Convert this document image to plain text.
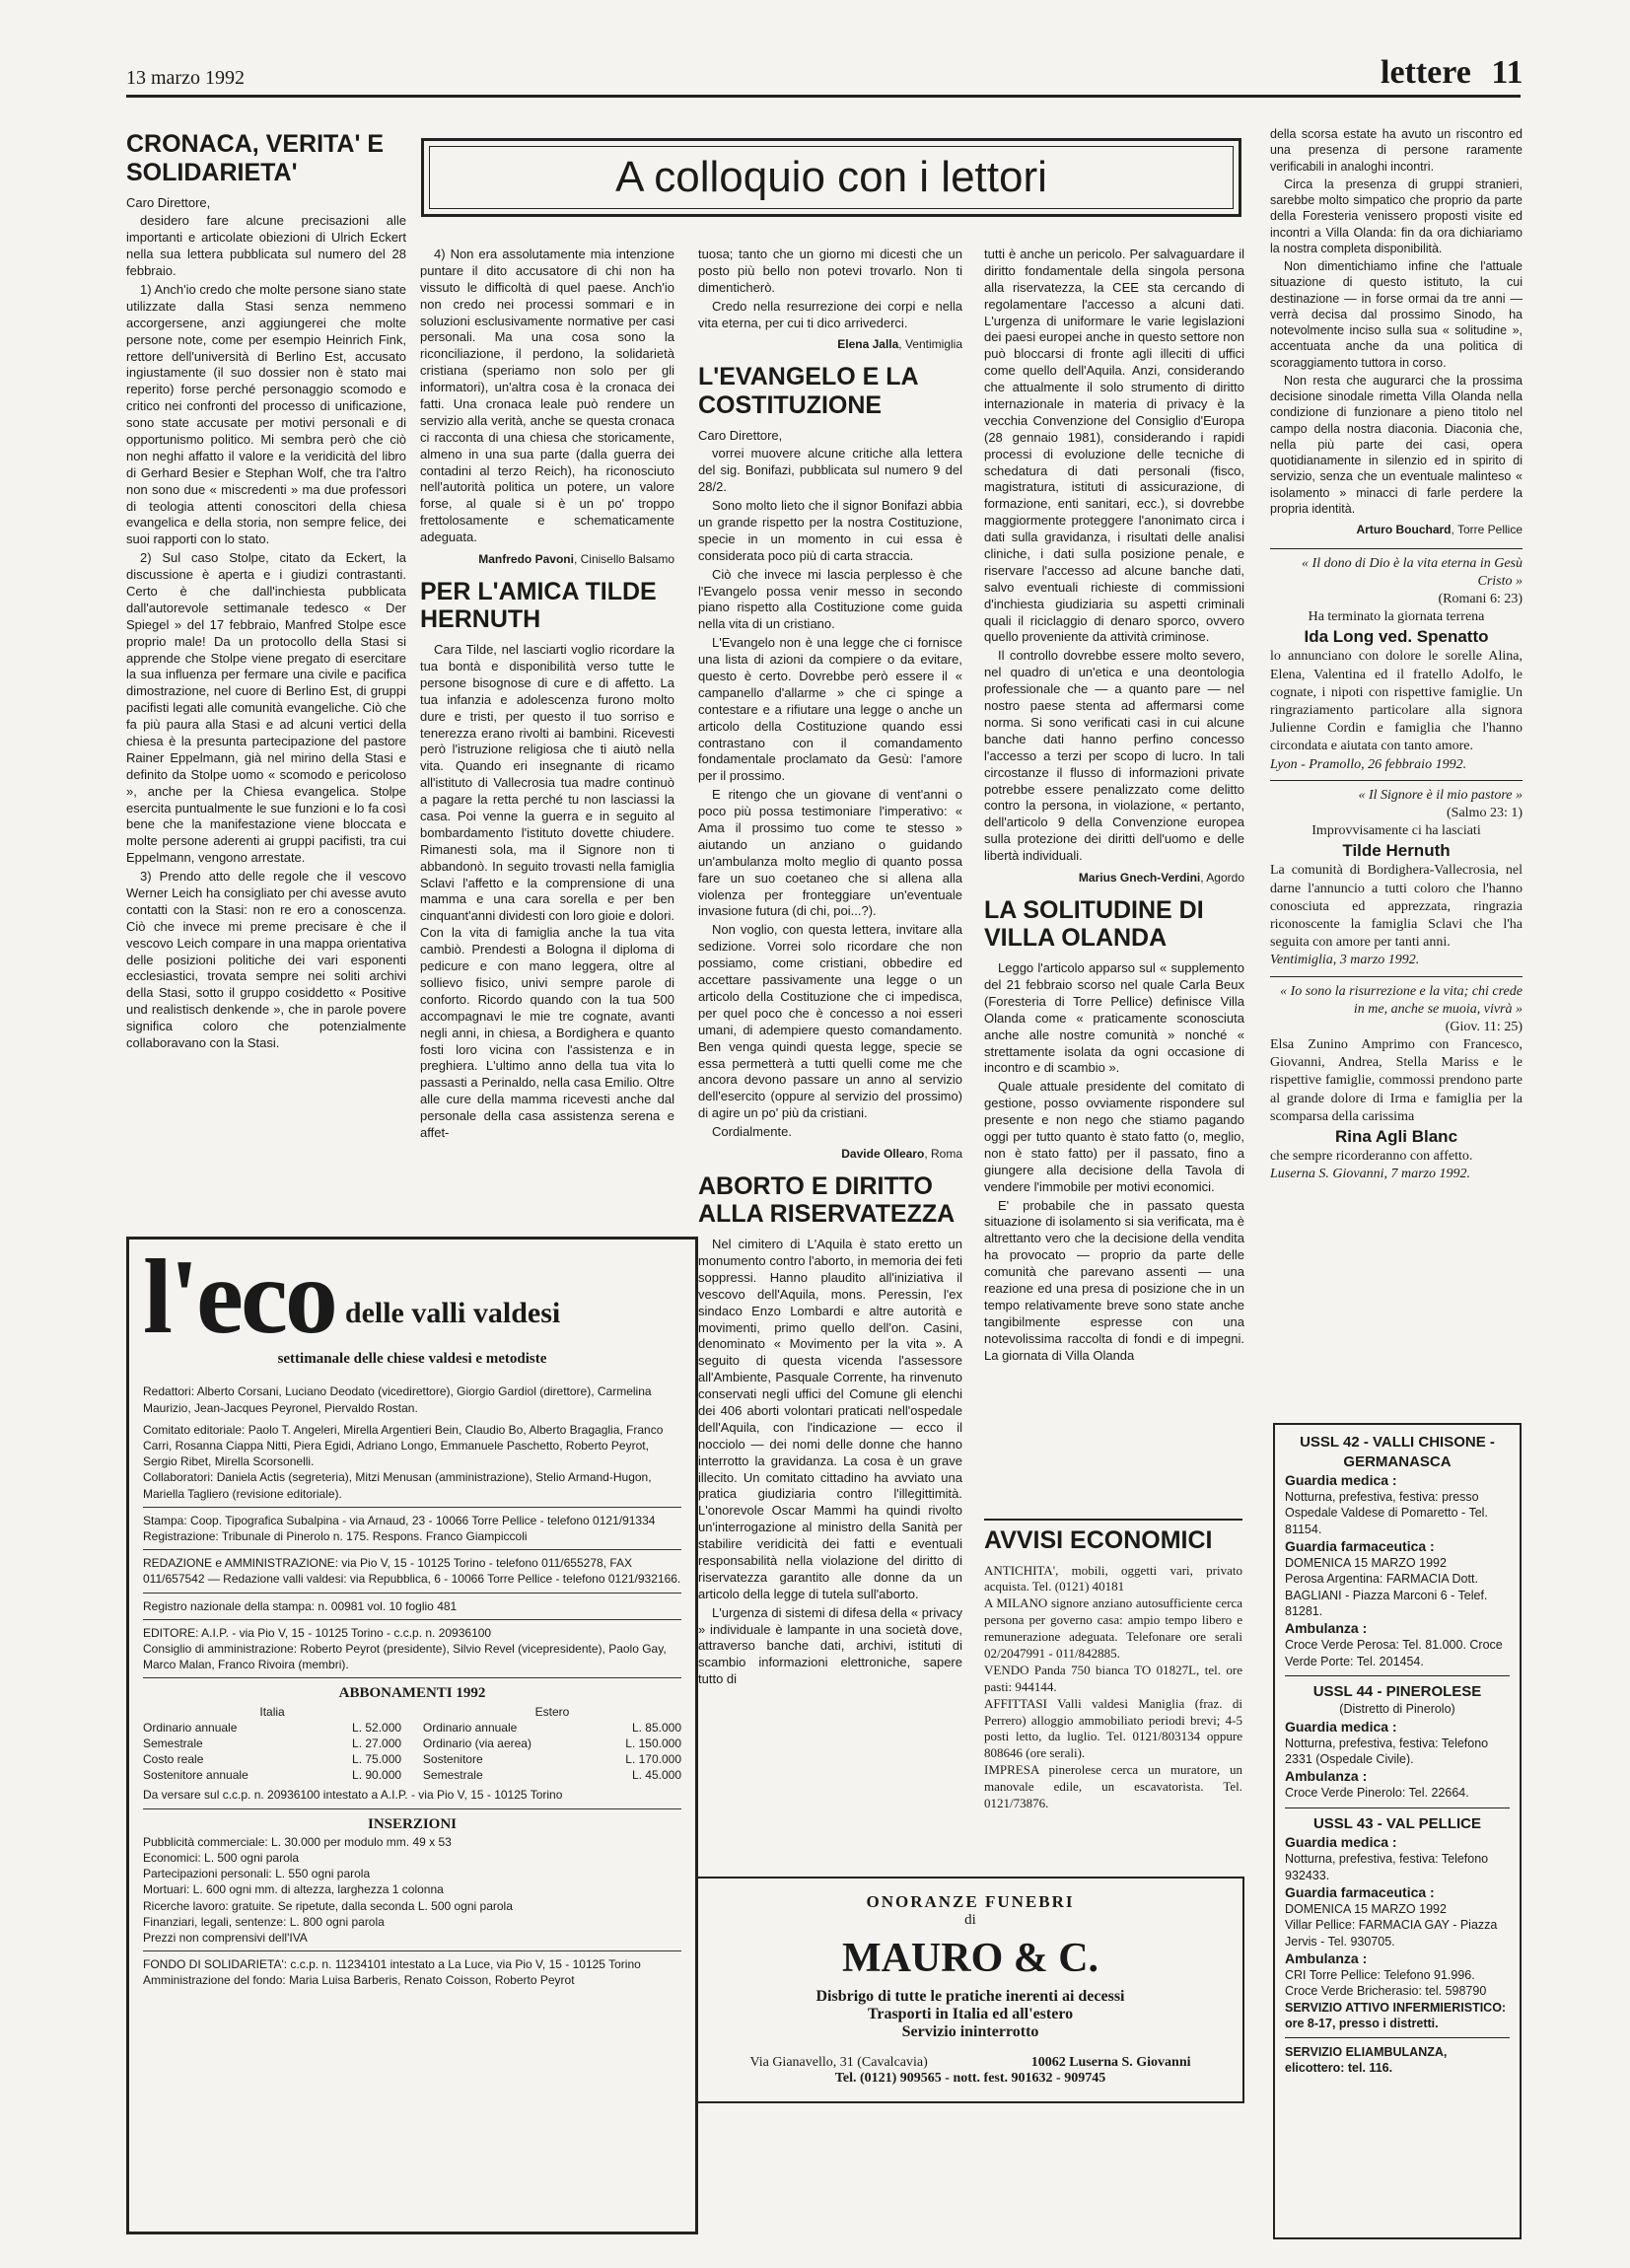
13 marzo 1992	lettere 11
A colloquio con i lettori
CRONACA, VERITA' E SOLIDARIETA'

Caro Direttore,

desidero fare alcune precisazioni alle importanti e articolate obiezioni di Ulrich Eckert nella sua lettera pubblicata sul numero del 28 febbraio.

1) Anch'io credo che molte persone siano state utilizzate dalla Stasi senza nemmeno accorgersene, anzi aggiungerei che molte persone note, come per esempio Heinrich Fink, rettore dell'università di Berlino Est, accusato ingiustamente (il suo dossier non è stato mai reperito) forse perché personaggio scomodo e critico nei confronti del processo di unificazione, sono state accusate per motivi personali e di opportunismo politico. Mi sembra però che ciò non neghi affatto il valore e la veridicità del libro di Gerhard Besier e Stephan Wolf, che tra l'altro non sono due « miscredenti » ma due professori di teologia attenti conoscitori della chiesa evangelica e della storia, non sempre felice, dei suoi rapporti con lo stato.

2) Sul caso Stolpe, citato da Eckert, la discussione è aperta e i giudizi contrastanti. Certo è che dall'inchiesta pubblicata dall'autorevole settimanale tedesco « Der Spiegel » del 17 febbraio, Manfred Stolpe esce proprio male! Da un protocollo della Stasi si apprende che Stolpe viene pregato di esercitare la sua influenza per fermare una civile e pacifica dimostrazione, nel cuore di Berlino Est, di gruppi pacifisti legati alle comunità evangeliche. Ciò che fa più paura alla Stasi e ad alcuni vertici della chiesa è la presunta partecipazione del pastore Rainer Eppelmann, già nel mirino della Stasi e definito da Stolpe uomo « scomodo e pericoloso », anche per la Chiesa evangelica. Stolpe esercita puntualmente le sue funzioni e lo fa così bene che la manifestazione viene bloccata e molte persone aderenti ai gruppi pacifisti, tra cui Eppelmann, vengono arrestate.

3) Prendo atto delle regole che il vescovo Werner Leich ha consigliato per chi avesse avuto contatti con la Stasi: non re ero a conoscenza. Ciò che invece mi preme precisare è che il vescovo Leich compare in una mappa orientativa delle posizioni politiche dei vari esponenti ecclesiastici, trovata sempre nei soliti archivi della Stasi, sotto il gruppo cosiddetto « Positive und realistisch denkende », che in parole povere significa coloro che potenzialmente collaboravano con la Stasi.

4) Non era assolutamente mia intenzione puntare il dito accusatore di chi non ha vissuto le difficoltà di quel paese. Anch'io non credo nei processi sommari e in soluzioni esclusivamente normative per casi personali. Ma una cosa sono la riconciliazione, il perdono, la solidarietà cristiana (speriamo non solo per gli informatori), un'altra cosa è la cronaca dei fatti. Una cronaca leale può rendere un servizio alla verità, anche se questa cronaca ci racconta di una chiesa che storicamente, almeno in una sua parte (dalla guerra dei contadini al terzo Reich), ha riconosciuto nell'autorità politica un potere, un valore forse, al quale si è un po' troppo frettolosamente e schematicamente adeguata.

Manfredo Pavoni, Cinisello Balsamo
PER L'AMICA TILDE HERNUTH

Cara Tilde, nel lasciarti voglio ricordare la tua bontà e disponibilità verso tutte le persone bisognose di cure e di affetto. La tua infanzia e adolescenza furono molto dure e tristi, per questo il tuo sorriso e tenerezza erano rivolti ai bambini. Ricevesti però l'istruzione religiosa che ti aiutò nella vita. Quando eri insegnante di ricamo all'istituto di Vallecrosia tua madre continuò a pagare la retta perché tu non lasciassi la casa. Poi venne la guerra e in seguito al bombardamento l'istituto dovette chiudere. Rimanesti sola, ma il Signore non ti abbandonò. In seguito trovasti nella famiglia Sclavi l'affetto e la comprensione di una mamma e una cara sorella e per ben cinquant'anni dividesti con loro gioie e dolori. Con la vita di famiglia anche la tua vita cambiò. Prendesti a Bologna il diploma di pedicure e con mano leggera, oltre al sollievo fisico, univi sempre parole di conforto. Ricordo quando con la tua 500 accompagnavi le mie tre cognate, avanti negli anni, in chiesa, a Bordighera e quanto fosti loro vicina con l'assistenza e in preghiera. L'ultimo anno della tua vita lo passasti a Perinaldo, nella casa Emilio. Oltre alle cure della mamma ricevesti anche dal personale della casa assistenza serena e affet-

tuosa; tanto che un giorno mi dicesti che un posto più bello non potevi trovarlo. Non ti dimenticherò.

Credo nella resurrezione dei corpi e nella vita eterna, per cui ti dico arrivederci.

Elena Jalla, Ventimiglia
L'EVANGELO E LA COSTITUZIONE

Caro Direttore,

vorrei muovere alcune critiche alla lettera del sig. Bonifazi, pubblicata sul numero 9 del 28/2.

Sono molto lieto che il signor Bonifazi abbia un grande rispetto per la nostra Costituzione, specie in un momento in cui essa è considerata poco più di carta straccia.

Ciò che invece mi lascia perplesso è che l'Evangelo possa venir messo in secondo piano rispetto alla Costituzione come guida nella vita di un cristiano.

L'Evangelo non è una legge che ci fornisce una lista di azioni da compiere o da evitare, questo è certo. Dovrebbe però essere il « campanello d'allarme » che ci spinge a contestare e a rifiutare una legge o anche un articolo della Costituzione quando essi contrastano con il comandamento fondamentale proclamato da Gesù: l'amore per il prossimo.

E ritengo che un giovane di vent'anni o poco più possa testimoniare l'imperativo: « Ama il prossimo tuo come te stesso » aiutando un anziano o guidando un'ambulanza molto meglio di quanto possa fare un suo coetaneo che si allena alla violenza per fronteggiare un'eventuale invasione futura (di chi, poi...?).

Non voglio, con questa lettera, invitare alla sedizione. Vorrei solo ricordare che non possiamo, come cristiani, obbedire ed accettare passivamente una legge o un articolo della Costituzione che ci impedisca, per quel poco che è concesso a noi esseri umani, di adempiere questo comandamento. Ben venga quindi questa legge, specie se essa permetterà a tutti quelli come me che ancora devono passare un anno al servizio dell'esercito (oppure al servizio del prossimo) di agire un po' più da cristiani.

Cordialmente.

Davide Ollearo, Roma
ABORTO E DIRITTO ALLA RISERVATEZZA

Nel cimitero di L'Aquila è stato eretto un monumento contro l'aborto, in memoria dei feti soppressi. Hanno plaudito all'iniziativa il vescovo dell'Aquila, mons. Peressin, l'ex sindaco Enzo Lombardi e altre autorità e movimenti, primo quello dell'on. Casini, denominato « Movimento per la vita ». A seguito di questa vicenda l'assessore all'Ambiente, Pasquale Corrente, ha rinvenuto conservati negli uffici del Comune gli elenchi dei 406 aborti volontari praticati nell'ospedale dell'Aquila, con l'indicazione — ecco il nocciolo — dei nomi delle donne che hanno interrotto la gravidanza. La cosa è un grave illecito. Un comitato cittadino ha avviato una pratica giudiziaria contro l'illegittimità. L'onorevole Oscar Mammì ha quindi rivolto un'interrogazione al ministro della Sanità per stabilire veridicità dei fatti e eventuali responsabilità nella violazione del diritto di riservatezza garantito alle donne da un articolo della legge di tutela sull'aborto.

L'urgenza di sistemi di difesa della « privacy » individuale è lampante in una società dove, attraverso banche dati, archivi, istituti di scambio informazioni elettroniche, sapere tutto di

tutti è anche un pericolo. Per salvaguardare il diritto fondamentale della singola persona alla riservatezza, la CEE sta cercando di regolamentare l'accesso a alcuni dati. L'urgenza di uniformare le varie legislazioni dei paesi europei anche in questo settore non può bloccarsi di fronte agli illeciti di uffici come quello dell'Aquila. Anzi, considerando che attualmente il solo strumento di diritto internazionale in materia di privacy è la vecchia Convenzione del Consiglio d'Europa (28 gennaio 1981), considerando i rapidi processi di evoluzione delle tecniche di schedatura di dati personali (fisco, magistratura, istituti di assicurazione, di formazione, enti sanitari, ecc.), si dovrebbe maggiormente proteggere l'anonimato circa i dati sulla gravidanza, i risultati delle analisi cliniche, i dati sulla posizione penale, e riservare l'accesso ad alcune banche dati, salvo eventuali richieste di commissioni d'inchiesta giudiziaria su aspetti criminali quali il riciclaggio di denaro sporco, ovvero quello proveniente da attività criminose.

Il controllo dovrebbe essere molto severo, nel quadro di un'etica e una deontologia professionale che — a quanto pare — nel nostro paese stenta ad affermarsi come norma. Si sono verificati casi in cui alcune banche dati hanno perfino concesso l'accesso a terzi per scopo di lucro. In tali circostanze il flusso di informazioni private potrebbe essere penalizzato come delitto contro la persona, in violazione, « pertanto, dell'articolo 9 della Convenzione europea sulla protezione dei diritti dell'uomo e delle libertà individuali.

Marius Gnech-Verdini, Agordo
LA SOLITUDINE DI VILLA OLANDA

Leggo l'articolo apparso sul « supplemento del 21 febbraio scorso nel quale Carla Beux (Foresteria di Torre Pellice) definisce Villa Olanda come « praticamente sconosciuta anche alle nostre comunità » nonché « strettamente isolata da ogni occasione di incontro e di scambio ».

Quale attuale presidente del comitato di gestione, posso ovviamente rispondere sul presente e non nego che stiamo pagando oggi per tutto quanto è stato fatto (o, meglio, non è stato fatto) per il passato, fino a giungere alla decisione della Tavola di vendere l'immobile per motivi economici.

E' probabile che in passato questa situazione di isolamento si sia verificata, ma è altrettanto vero che la decisione della vendita ha provocato — proprio da parte delle comunità che parevano assenti — una reazione ed una presa di posizione che in un tempo relativamente breve sono state anche tangibilmente espresse con una notevolissima raccolta di fondi e di impegni. La giornata di Villa Olanda

AVVISI ECONOMICI
ANTICHITA', mobili, oggetti vari, privato acquista. Tel. (0121) 40181
A MILANO signore anziano autosufficiente cerca persona per governo casa: ampio tempo libero e remunerazione adeguata. Telefonare ore serali 02/2047991 - 011/842885.
VENDO Panda 750 bianca TO 01827L, tel. ore pasti: 944144.
AFFITTASI Valli valdesi Maniglia (fraz. di Perrero) alloggio ammobiliato periodi brevi; 4-5 posti letto, da luglio. Tel. 0121/803134 oppure 808646 (ore serali).
IMPRESA pinerolese cerca un muratore, un manovale edile, un escavatorista. Tel. 0121/73876.

della scorsa estate ha avuto un riscontro ed una presenza di persone raramente verificabili in analoghi incontri.

Circa la presenza di gruppi stranieri, sarebbe molto simpatico che proprio da parte della Foresteria venissero proposti visite ed incontri a Villa Olanda: fin da ora dichiariamo la nostra completa disponibilità.

Non dimentichiamo infine che l'attuale situazione di questo istituto, la cui destinazione — in forse ormai da tre anni — verrà decisa dal prossimo Sinodo, ha notevolmente inciso sulla sua « solitudine », accentuata anche da una politica di scoraggiamento tuttora in corso.

Non resta che augurarci che la prossima decisione sinodale rimetta Villa Olanda nella condizione di funzionare a pieno titolo nel campo della nostra diaconia. Diaconia che, nella più parte dei casi, opera quotidianamente in silenzio ed in spirito di servizio, senza che un eventuale malinteso « isolamento » minacci di farle perdere la propria identità.

Arturo Bouchard, Torre Pellice
« Il dono di Dio è la vita eterna in Gesù Cristo »
(Romani 6: 23)
Ha terminato la giornata terrena
Ida Long ved. Spenatto
lo annunciano con dolore le sorelle Alina, Elena, Valentina ed il fratello Adolfo, le cognate, i nipoti con rispettive famiglie. Un ringraziamento particolare alla signora Julienne Cordin e famiglia che l'hanno circondata e aiutata con tanto amore.
Lyon - Pramollo, 26 febbraio 1992.
« Il Signore è il mio pastore »
(Salmo 23: 1)
Improvvisamente ci ha lasciati
Tilde Hernuth
La comunità di Bordighera-Vallecrosia, nel darne l'annuncio a tutti coloro che l'hanno conosciuta ed apprezzata, ringrazia riconoscente la famiglia Sclavi che l'ha seguita con amore per tanti anni.
Ventimiglia, 3 marzo 1992.
« Io sono la risurrezione e la vita; chi crede in me, anche se muoia, vivrà »
(Giov. 11: 25)
Elsa Zunino Amprimo con Francesco, Giovanni, Andrea, Stella Mariss e le rispettive famiglie, commossi prendono parte al grande dolore di Irma e famiglia per la scomparsa della carissima
Rina Agli Blanc
che sempre ricorderanno con affetto.
Luserna S. Giovanni, 7 marzo 1992.
l'eco delle valli valdesi
settimanale delle chiese valdesi e metodiste
Redattori: Alberto Corsani, Luciano Deodato (vicedirettore), Giorgio Gardiol (direttore), Carmelina Maurizio, Jean-Jacques Peyronel, Piervaldo Rostan.
Comitato editoriale: Paolo T. Angeleri, Mirella Argentieri Bein, Claudio Bo, Alberto Bragaglia, Franco Carri, Rosanna Ciappa Nitti, Piera Egidi, Adriano Longo, Emmanuele Paschetto, Roberto Peyrot, Sergio Ribet, Mirella Scorsonelli.
Collaboratori: Daniela Actis (segreteria), Mitzi Menusan (amministrazione), Stelio Armand-Hugon, Mariella Tagliero (revisione editoriale).
Stampa: Coop. Tipografica Subalpina - via Arnaud, 23 - 10066 Torre Pellice - telefono 0121/91334
Registrazione: Tribunale di Pinerolo n. 175. Respons. Franco Giampiccoli
REDAZIONE e AMMINISTRAZIONE: via Pio V, 15 - 10125 Torino - telefono 011/655278, FAX 011/657542 — Redazione valli valdesi: via Repubblica, 6 - 10066 Torre Pellice - telefono 0121/932166.
Registro nazionale della stampa: n. 00981 vol. 10 foglio 481
EDITORE: A.I.P. - via Pio V, 15 - 10125 Torino - c.c.p. n. 20936100
Consiglio di amministrazione: Roberto Peyrot (presidente), Silvio Revel (vicepresidente), Paolo Gay, Marco Malan, Franco Rivoira (membri).
ABBONAMENTI 1992
Italia
Ordinario annuale	L. 52.000
Semestrale	L. 27.000
Costo reale	L. 75.000
Sostenitore annuale	L. 90.000
Estero
Ordinario annuale	L. 85.000
Ordinario (via aerea)	L. 150.000
Sostenitore	L. 170.000
Semestrale	L. 45.000
Da versare sul c.c.p. n. 20936100 intestato a A.I.P. - via Pio V, 15 - 10125 Torino
INSERZIONI
Pubblicità commerciale: L. 30.000 per modulo mm. 49 x 53
Economici: L. 500 ogni parola
Partecipazioni personali: L. 550 ogni parola
Mortuari: L. 600 ogni mm. di altezza, larghezza 1 colonna
Ricerche lavoro: gratuite. Se ripetute, dalla seconda L. 500 ogni parola
Finanziari, legali, sentenze: L. 800 ogni parola
Prezzi non comprensivi dell'IVA
FONDO DI SOLIDARIETA': c.c.p. n. 11234101 intestato a La Luce, via Pio V, 15 - 10125 Torino
Amministrazione del fondo: Maria Luisa Barberis, Renato Coisson, Roberto Peyrot
ONORANZE FUNEBRI
di
MAURO & C.
Disbrigo di tutte le pratiche inerenti ai decessi
Trasporti in Italia ed all'estero
Servizio ininterrotto
Via Gianavello, 31 (Cavalcavia)	10062 Luserna S. Giovanni
Tel. (0121) 909565 - nott. fest. 901632 - 909745
USSL 42 - VALLI CHISONE - GERMANASCA
Guardia medica :
Notturna, prefestiva, festiva: presso Ospedale Valdese di Pomaretto - Tel. 81154.
Guardia farmaceutica :
DOMENICA 15 MARZO 1992
Perosa Argentina: FARMACIA Dott. BAGLIANI - Piazza Marconi 6 - Telef. 81281.
Ambulanza :
Croce Verde Perosa: Tel. 81.000. Croce Verde Porte: Tel. 201454.
USSL 44 - PINEROLESE
(Distretto di Pinerolo)
Guardia medica :
Notturna, prefestiva, festiva: Telefono 2331 (Ospedale Civile).
Ambulanza :
Croce Verde Pinerolo: Tel. 22664.
USSL 43 - VAL PELLICE
Guardia medica :
Notturna, prefestiva, festiva: Telefono 932433.
Guardia farmaceutica :
DOMENICA 15 MARZO 1992
Villar Pellice: FARMACIA GAY - Piazza Jervis - Tel. 930705.
Ambulanza :
CRI Torre Pellice: Telefono 91.996. Croce Verde Bricherasio: tel. 598790
SERVIZIO ATTIVO INFERMIERISTICO: ore 8-17, presso i distretti.
SERVIZIO ELIAMBULANZA, elicottero: tel. 116.
